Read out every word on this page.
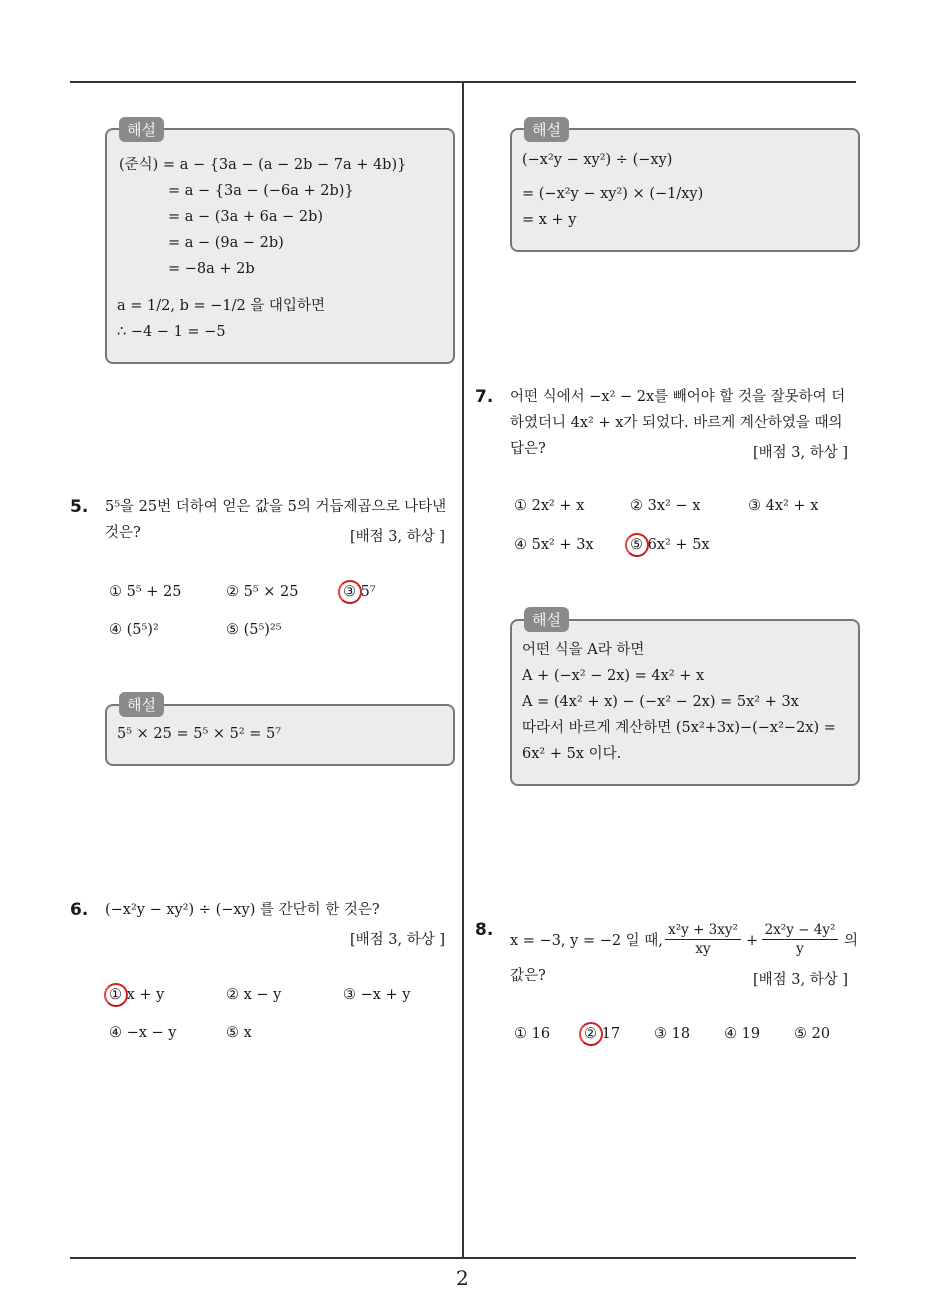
2
해설
(준식) = a − {3a − (a − 2b − 7a + 4b)}
= a − {3a − (−6a + 2b)}
= a − (3a + 6a − 2b)
= a − (9a − 2b)
= −8a + 2b
a = 1/2, b = −1/2 을 대입하면
∴ −4 − 1 = −5
5. 5⁵을 25번 더하여 얻은 값을 5의 거듭제곱으로 나타낸
것은?	[배점 3, 하상 ]
① 5⁵ + 25	② 5⁵ × 25	③ 5⁷
④ (5⁵)²	⑤ (5⁵)²⁵
해설
5⁵ × 25 = 5⁵ × 5² = 5⁷
6. (−x²y − xy²) ÷ (−xy) 를 간단히 한 것은?
[배점 3, 하상 ]
① x + y	② x − y	③ −x + y
④ −x − y	⑤ x
해설
(−x²y − xy²) ÷ (−xy)
= (−x²y − xy²) × (−1/xy)
= x + y
7. 어떤 식에서 −x² − 2x를 빼어야 할 것을 잘못하여 더
하였더니 4x² + x가 되었다. 바르게 계산하였을 때의
답은?	[배점 3, 하상 ]
① 2x² + x	② 3x² − x	③ 4x² + x
④ 5x² + 3x	⑤ 6x² + 5x
해설
어떤 식을 A라 하면
A + (−x² − 2x) = 4x² + x
A = (4x² + x) − (−x² − 2x) = 5x² + 3x
따라서 바르게 계산하면 (5x²+3x)−(−x²−2x) =
6x² + 5x 이다.
8.
x = −3, y = −2 일 때, $\frac{\text{x²y + 3xy²}}{xy} + \frac{\text{2x²y − 4y²}}{y}$ 의
값은?	[배점 3, 하상 ]
① 16 ② 17 ③ 18 ④ 19 ⑤ 20
